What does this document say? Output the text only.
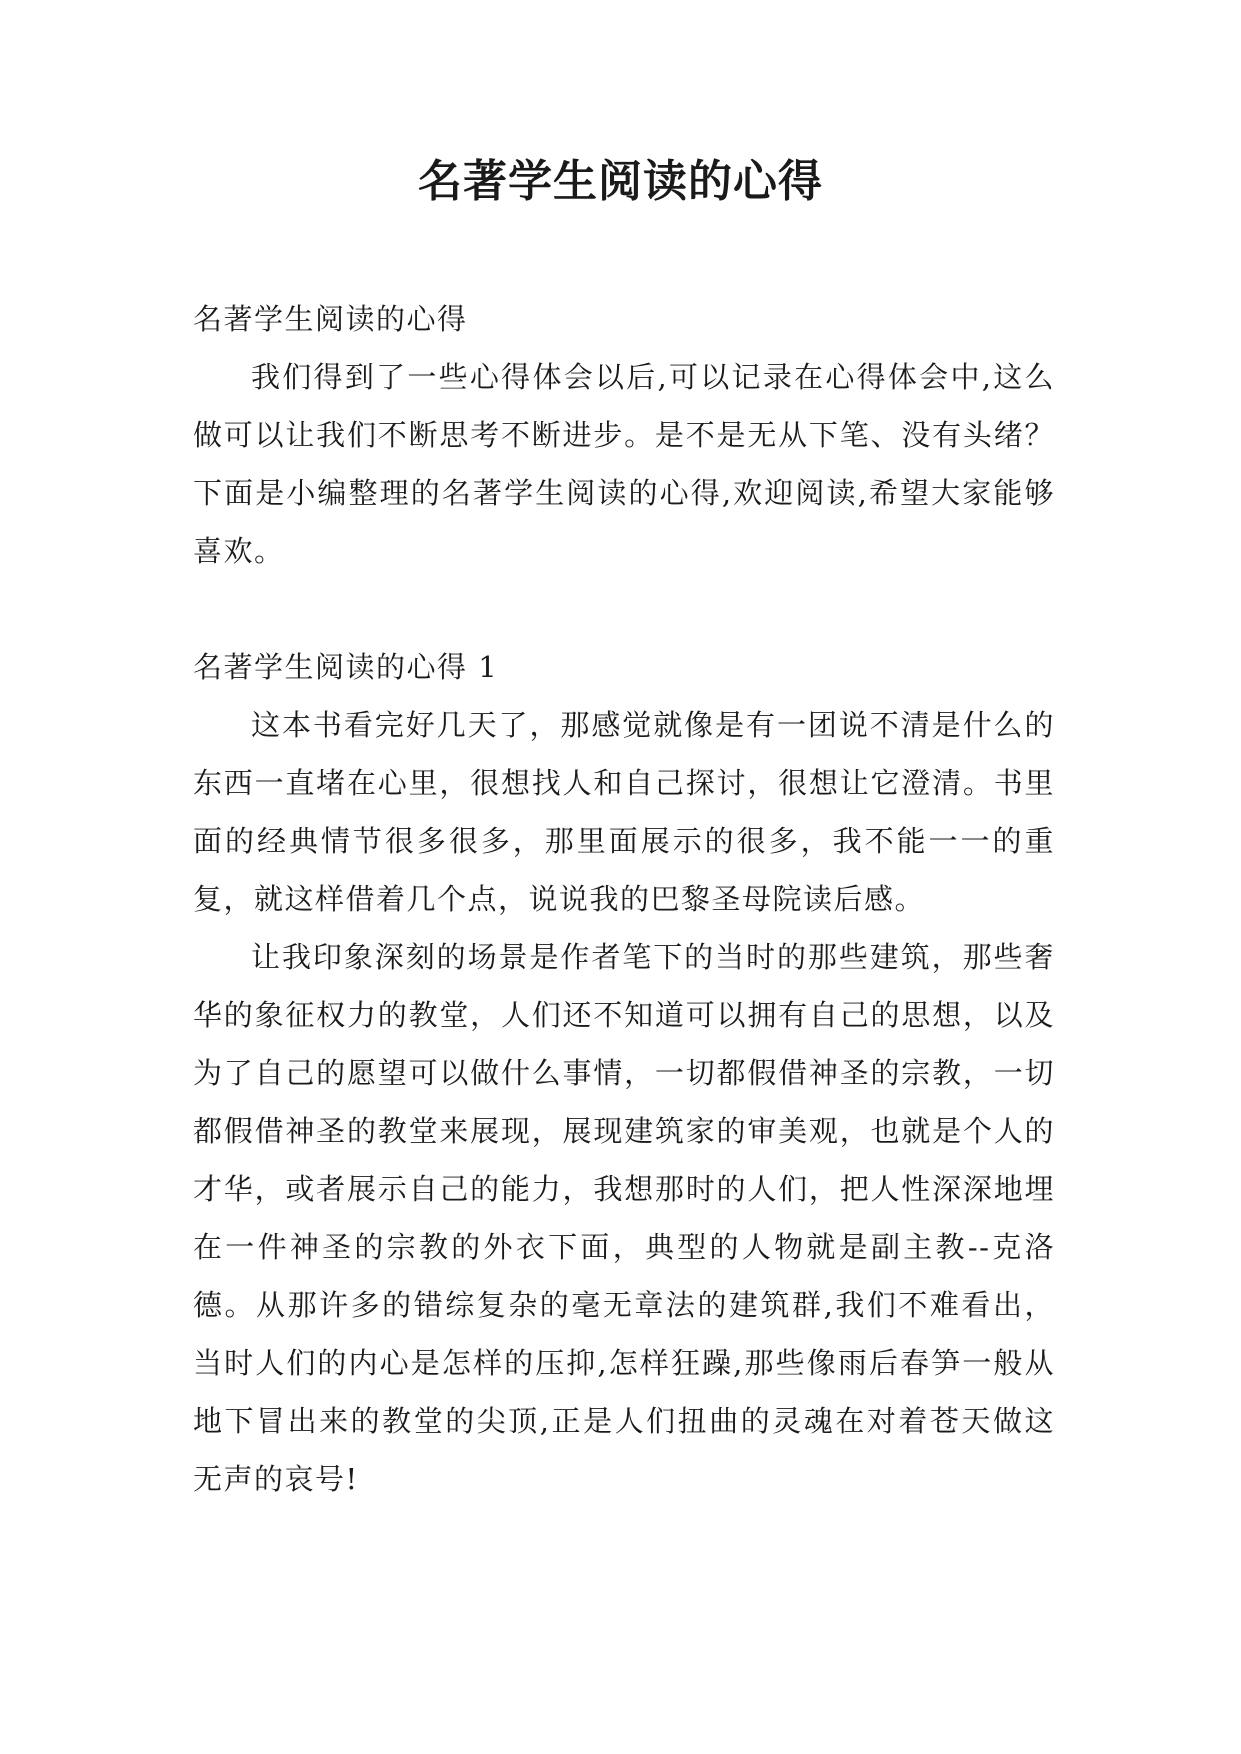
名著学生阅读的心得

名著学生阅读的心得

我们得到了一些心得体会以后,可以记录在心得体会中,这么做可以让我们不断思考不断进步。是不是无从下笔、没有头绪？下面是小编整理的名著学生阅读的心得,欢迎阅读,希望大家能够喜欢。

名著学生阅读的心得 1

这本书看完好几天了，那感觉就像是有一团说不清是什么的东西一直堵在心里，很想找人和自己探讨，很想让它澄清。书里面的经典情节很多很多，那里面展示的很多，我不能一一的重复，就这样借着几个点，说说我的巴黎圣母院读后感。

让我印象深刻的场景是作者笔下的当时的那些建筑，那些奢华的象征权力的教堂，人们还不知道可以拥有自己的思想，以及为了自己的愿望可以做什么事情，一切都假借神圣的宗教，一切都假借神圣的教堂来展现，展现建筑家的审美观，也就是个人的才华，或者展示自己的能力，我想那时的人们，把人性深深地埋在一件神圣的宗教的外衣下面，典型的人物就是副主教--克洛德。从那许多的错综复杂的毫无章法的建筑群,我们不难看出，当时人们的内心是怎样的压抑,怎样狂躁,那些像雨后春笋一般从地下冒出来的教堂的尖顶,正是人们扭曲的灵魂在对着苍天做这无声的哀号!
